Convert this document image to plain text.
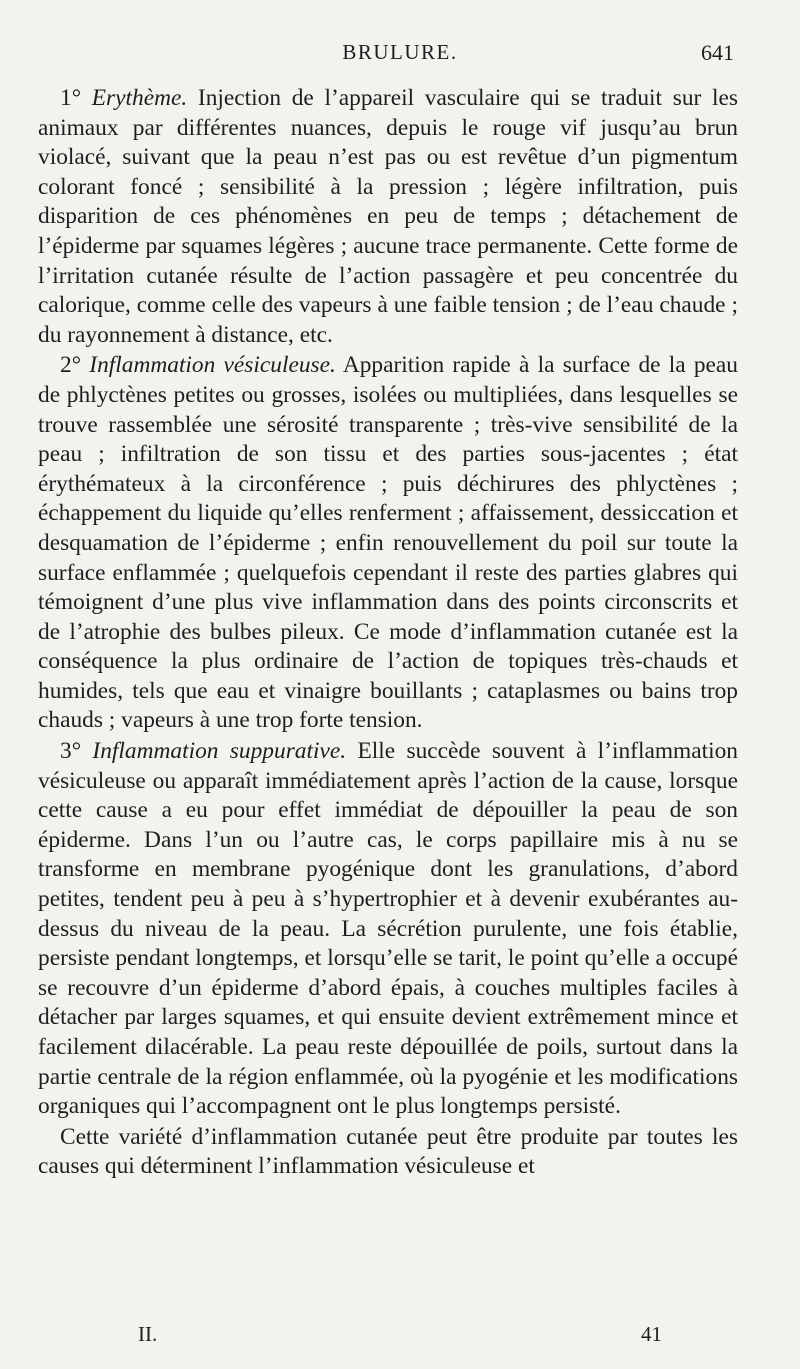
BRULURE.	641

1° Erythème. Injection de l’appareil vasculaire qui se traduit sur les animaux par différentes nuances, depuis le rouge vif jusqu’au brun violacé, suivant que la peau n’est pas ou est revêtue d’un pigmentum colorant foncé ; sensibilité à la pression ; légère infiltration, puis disparition de ces phénomènes en peu de temps ; détachement de l’épiderme par squames légères ; aucune trace permanente. Cette forme de l’irritation cutanée résulte de l’action passagère et peu concentrée du calorique, comme celle des vapeurs à une faible tension ; de l’eau chaude ; du rayonnement à distance, etc.

2° Inflammation vésiculeuse. Apparition rapide à la surface de la peau de phlyctènes petites ou grosses, isolées ou multipliées, dans lesquelles se trouve rassemblée une sérosité transparente ; très-vive sensibilité de la peau ; infiltration de son tissu et des parties sous-jacentes ; état érythémateux à la circonférence ; puis déchirures des phlyctènes ; échappement du liquide qu’elles renferment ; affaissement, dessiccation et desquamation de l’épiderme ; enfin renouvellement du poil sur toute la surface enflammée ; quelquefois cependant il reste des parties glabres qui témoignent d’une plus vive inflammation dans des points circonscrits et de l’atrophie des bulbes pileux. Ce mode d’inflammation cutanée est la conséquence la plus ordinaire de l’action de topiques très-chauds et humides, tels que eau et vinaigre bouillants ; cataplasmes ou bains trop chauds ; vapeurs à une trop forte tension.

3° Inflammation suppurative. Elle succède souvent à l’inflammation vésiculeuse ou apparaît immédiatement après l’action de la cause, lorsque cette cause a eu pour effet immédiat de dépouiller la peau de son épiderme. Dans l’un ou l’autre cas, le corps papillaire mis à nu se transforme en membrane pyogénique dont les granulations, d’abord petites, tendent peu à peu à s’hypertrophier et à devenir exubérantes au-dessus du niveau de la peau. La sécrétion purulente, une fois établie, persiste pendant longtemps, et lorsqu’elle se tarit, le point qu’elle a occupé se recouvre d’un épiderme d’abord épais, à couches multiples faciles à détacher par larges squames, et qui ensuite devient extrêmement mince et facilement dilacérable. La peau reste dépouillée de poils, surtout dans la partie centrale de la région enflammée, où la pyogénie et les modifications organiques qui l’accompagnent ont le plus longtemps persisté.

Cette variété d’inflammation cutanée peut être produite par toutes les causes qui déterminent l’inflammation vésiculeuse et

II.	41
